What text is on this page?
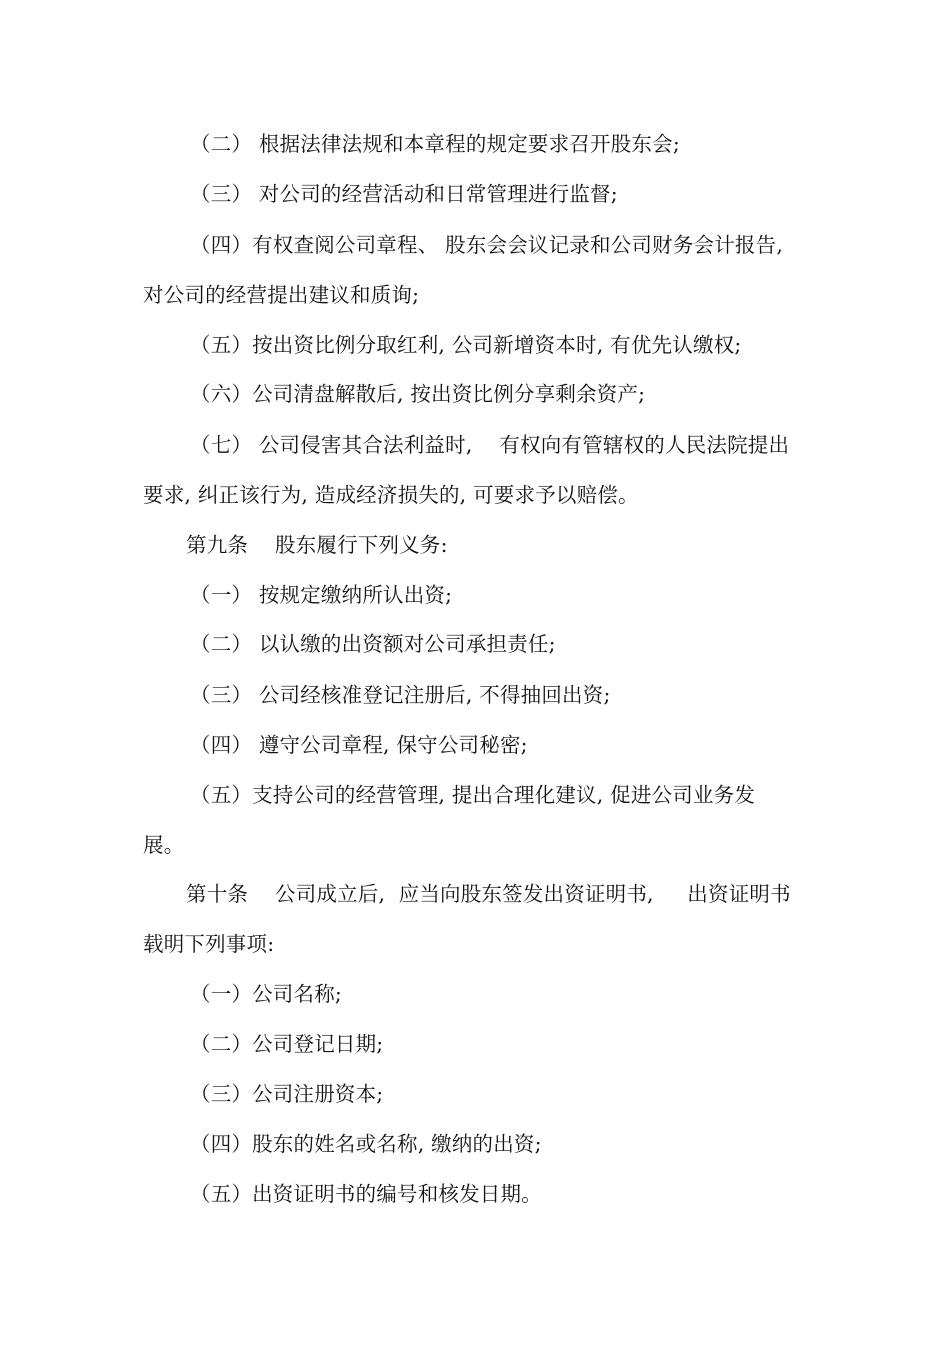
（二） 根据法律法规和本章程的规定要求召开股东会;
（三） 对公司的经营活动和日常管理进行监督;
（四）有权查阅公司章程、 股东会会议记录和公司财务会计报告,
对公司的经营提出建议和质询;
（五）按出资比例分取红利, 公司新增资本时, 有优先认缴权;
（六）公司清盘解散后, 按出资比例分享剩余资产;
（七） 公司侵害其合法利益时,    有权向有管辖权的人民法院提出
要求, 纠正该行为, 造成经济损失的, 可要求予以赔偿。
第九条    股东履行下列义务:
（一） 按规定缴纳所认出资;
（二） 以认缴的出资额对公司承担责任;
（三） 公司经核准登记注册后, 不得抽回出资;
（四） 遵守公司章程, 保守公司秘密;
（五）支持公司的经营管理, 提出合理化建议, 促进公司业务发
展。
第十条    公司成立后,  应当向股东签发出资证明书,     出资证明书
载明下列事项:
（一）公司名称;
（二）公司登记日期;
（三）公司注册资本;
（四）股东的姓名或名称, 缴纳的出资;
（五）出资证明书的编号和核发日期。
